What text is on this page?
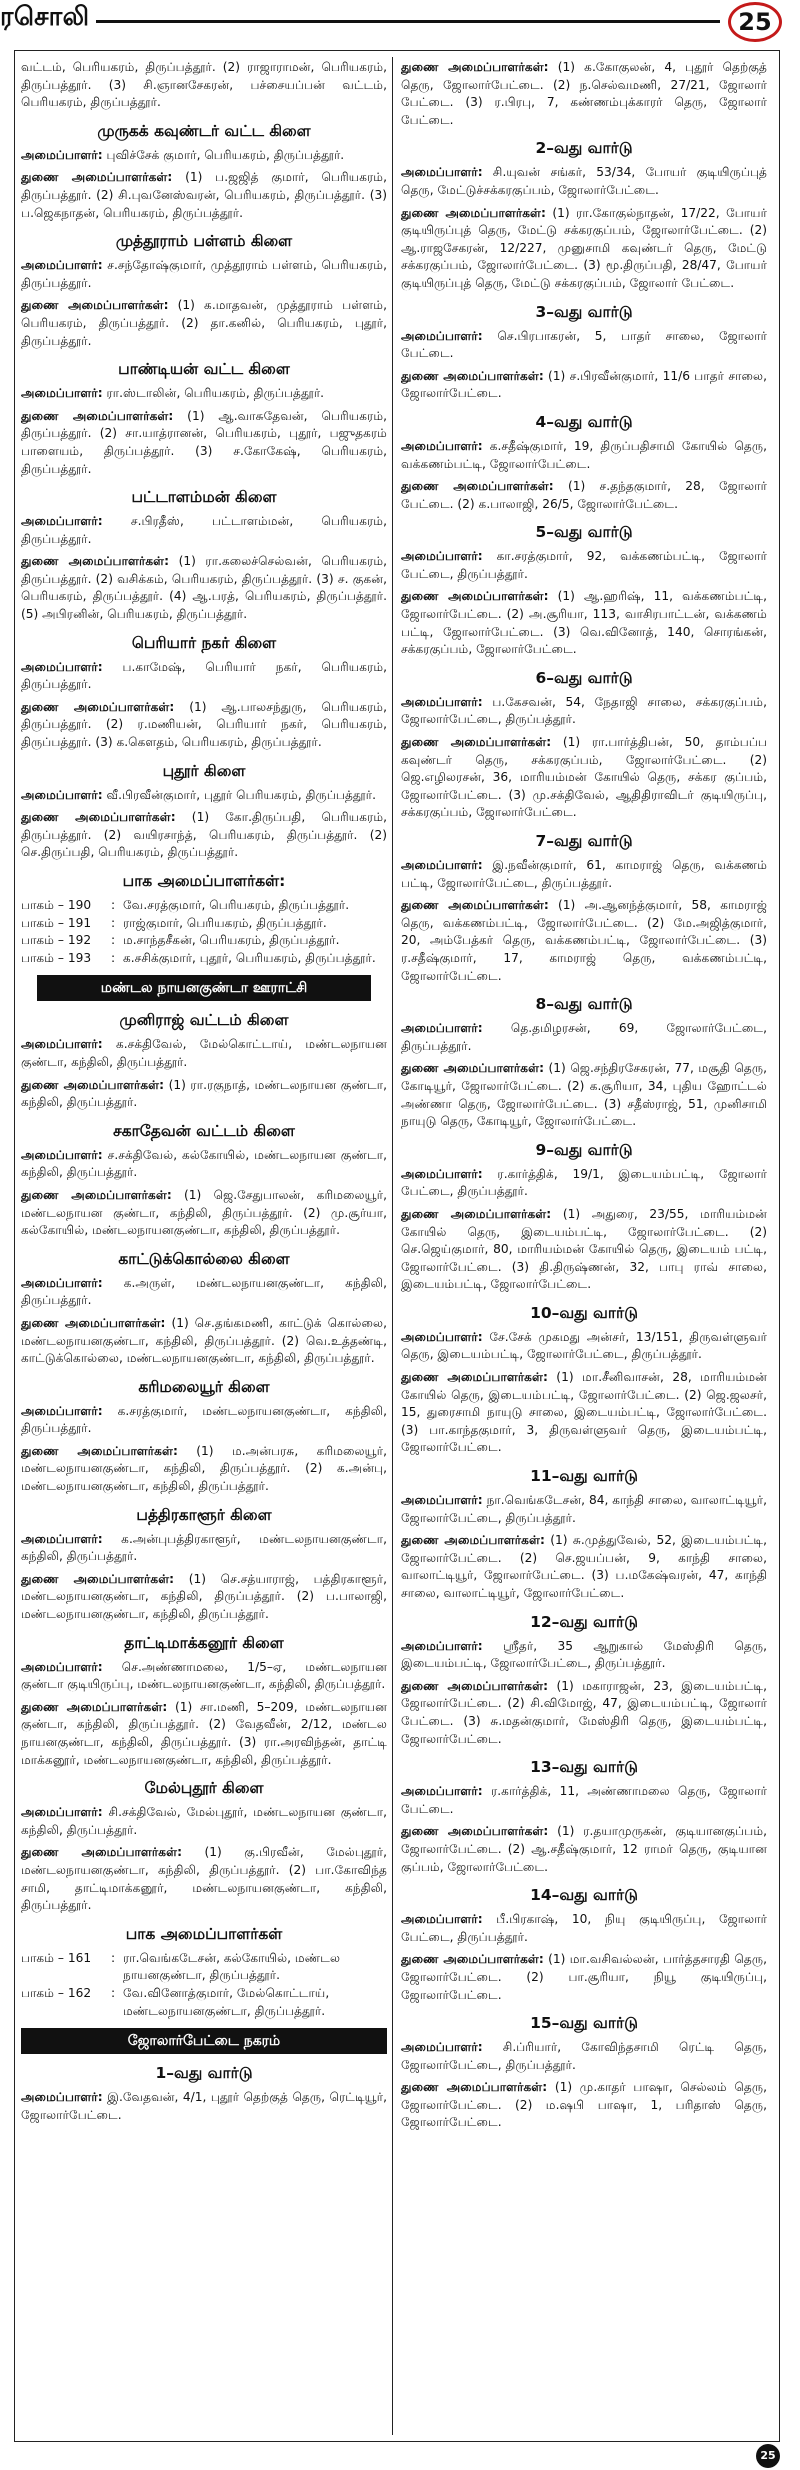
ரசொலி	25
வட்டம், பெரியகரம், திருப்பத்தூர். (2) ராஜாராமன், பெரியகரம், திருப்பத்தூர். (3) சி.ஞானசேகரன், பச்சையப்பன் வட்டம், பெரியகரம், திருப்பத்தூர்.
முருகக் கவுண்டர் வட்ட கிளை
அமைப்பாளர்: புவிச்சேக் குமார், பெரியகரம், திருப்பத்தூர்.
துணை அமைப்பாளர்கள்: (1) ப.ஜஜித் குமார், பெரியகரம், திருப்பத்தூர். (2) சி.புவனேஸ்வரன், பெரியகரம், திருப்பத்தூர். (3) ப.ஜெகநாதன், பெரியகரம், திருப்பத்தூர்.
முத்தூராம் பள்ளம் கிளை
அமைப்பாளர்: ச.சந்தோஷ்குமார், முத்தூராம் பள்ளம், பெரியகரம், திருப்பத்தூர்.
துணை அமைப்பாளர்கள்: (1) க.மாதவன், முத்தூராம் பள்ளம், பெரியகரம், திருப்பத்தூர். (2) தா.கனில், பெரியகரம், புதூர், திருப்பத்தூர்.
பாண்டியன் வட்ட கிளை
அமைப்பாளர்: ரா.ஸ்டாலின், பெரியகரம், திருப்பத்தூர்.
துணை அமைப்பாளர்கள்: (1) ஆ.வாசுதேவன், பெரியகரம், திருப்பத்தூர். (2) சா.யாத்ரானன், பெரியகரம், புதூர், பஜுதகரம் பாளையம், திருப்பத்தூர். (3) ச.கோகேஷ், பெரியகரம், திருப்பத்தூர்.
பட்டாளம்மன் கிளை
அமைப்பாளர்: ச.பிரதீஸ், பட்டாளம்மன், பெரியகரம், திருப்பத்தூர்.
துணை அமைப்பாளர்கள்: (1) ரா.கலைச்செல்வன், பெரியகரம், திருப்பத்தூர். (2) வசிக்கம், பெரியகரம், திருப்பத்தூர். (3) ச. குகன், பெரியகரம், திருப்பத்தூர். (4) ஆ.பரத், பெரியகரம், திருப்பத்தூர். (5) அபிரனின், பெரியகரம், திருப்பத்தூர்.
பெரியார் நகர் கிளை
அமைப்பாளர்: ப.காமேஷ், பெரியார் நகர், பெரியகரம், திருப்பத்தூர்.
துணை அமைப்பாளர்கள்: (1) ஆ.பாலசந்துரு, பெரியகரம், திருப்பத்தூர். (2) ர.மணியன், பெரியார் நகர், பெரியகரம், திருப்பத்தூர். (3) க.கௌதம், பெரியகரம், திருப்பத்தூர்.
புதூர் கிளை
அமைப்பாளர்: வீ.பிரவீன்குமார், புதூர் பெரியகரம், திருப்பத்தூர்.
துணை அமைப்பாளர்கள்: (1) கோ.திருப்பதி, பெரியகரம், திருப்பத்தூர். (2) வயிரசாந்த், பெரியகரம், திருப்பத்தூர். (2) செ.திருப்பதி, பெரியகரம், திருப்பத்தூர்.
பாக அமைப்பாளர்கள்:
பாகம் – 190	: வே.சரத்குமார், பெரியகரம், திருப்பத்தூர்.
பாகம் – 191	: ராஜ்குமார், பெரியகரம், திருப்பத்தூர்.
பாகம் – 192	: ம.சாந்தசீகன், பெரியகரம், திருப்பத்தூர்.
பாகம் – 193	: க.சசிக்குமார், புதூர், பெரியகரம், திருப்பத்தூர்.
மண்டல நாயனகுண்டா ஊராட்சி
முனிராஜ் வட்டம் கிளை
அமைப்பாளர்: க.சக்திவேல், மேல்கொட்டாய், மண்டலநாயன குண்டா, கந்திலி, திருப்பத்தூர்.
துணை அமைப்பாளர்கள்: (1) ரா.ரகுநாத், மண்டலநாயன குண்டா, கந்திலி, திருப்பத்தூர்.
சகாதேவன் வட்டம் கிளை
அமைப்பாளர்: ச.சக்திவேல், கல்கோயில், மண்டலநாயன குண்டா, கந்திலி, திருப்பத்தூர்.
துணை அமைப்பாளர்கள்: (1) ஜெ.சேதுபாலன், கரிமலையூர், மண்டலநாயன குண்டா, கந்திலி, திருப்பத்தூர். (2) மு.சூர்யா, கல்கோயில், மண்டலநாயனகுண்டா, கந்திலி, திருப்பத்தூர்.
காட்டுக்கொல்லை கிளை
அமைப்பாளர்: க.அருள், மண்டலநாயனகுண்டா, கந்திலி, திருப்பத்தூர்.
துணை அமைப்பாளர்கள்: (1) செ.தங்கமணி, காட்டுக் கொல்லை, மண்டலநாயனகுண்டா, கந்திலி, திருப்பத்தூர். (2) வெ.உத்தண்டி, காட்டுக்கொல்லை, மண்டலநாயனகுண்டா, கந்திலி, திருப்பத்தூர்.
கரிமலையூர் கிளை
அமைப்பாளர்: க.சரத்குமார், மண்டலநாயனகுண்டா, கந்திலி, திருப்பத்தூர்.
துணை அமைப்பாளர்கள்: (1) ம.அன்பரசு, கரிமலையூர், மண்டலநாயனகுண்டா, கந்திலி, திருப்பத்தூர். (2) க.அன்பு, மண்டலநாயனகுண்டா, கந்திலி, திருப்பத்தூர்.
பத்திரகாளூர் கிளை
அமைப்பாளர்: க.அன்புபத்திரகாளூர், மண்டலநாயனகுண்டா, கந்திலி, திருப்பத்தூர்.
துணை அமைப்பாளர்கள்: (1) செ.சத்யாராஜ், பத்திரகாளூர், மண்டலநாயனகுண்டா, கந்திலி, திருப்பத்தூர். (2) ப.பாலாஜி, மண்டலநாயனகுண்டா, கந்திலி, திருப்பத்தூர்.
தாட்டிமாக்கனூர் கிளை
அமைப்பாளர்: செ.அண்ணாமலை, 1/5–ஏ, மண்டலநாயன குண்டா குடியிருப்பு, மண்டலநாயனகுண்டா, கந்திலி, திருப்பத்தூர்.
துணை அமைப்பாளர்கள்: (1) சா.மணி, 5–209, மண்டலநாயன குண்டா, கந்திலி, திருப்பத்தூர். (2) வேதவீன், 2/12, மண்டல நாயனகுண்டா, கந்திலி, திருப்பத்தூர். (3) ரா.அரவிந்தன், தாட்டி மாக்கனூர், மண்டலநாயனகுண்டா, கந்திலி, திருப்பத்தூர்.
மேல்புதூர் கிளை
அமைப்பாளர்: சி.சக்திவேல், மேல்புதூர், மண்டலநாயன குண்டா, கந்திலி, திருப்பத்தூர்.
துணை அமைப்பாளர்கள்: (1) கு.பிரவீன், மேல்புதூர், மண்டலநாயனகுண்டா, கந்திலி, திருப்பத்தூர். (2) பா.கோவிந்த சாமி, தாட்டிமாக்கனூர், மண்டலநாயனகுண்டா, கந்திலி, திருப்பத்தூர்.
பாக அமைப்பாளர்கள்
பாகம் – 161	: ரா.வெங்கடேசன், கல்கோயில், மண்டல நாயனகுண்டா, திருப்பத்தூர்.
பாகம் – 162	: வே.வினோத்குமார், மேல்கொட்டாய், மண்டலநாயனகுண்டா, திருப்பத்தூர்.
ஜோலார்பேட்டை நகரம்
1–வது வார்டு
அமைப்பாளர்: இ.வேதவன், 4/1, புதூர் தெற்குத் தெரு, ரெட்டியூர், ஜோலார்பேட்டை.
துணை அமைப்பாளர்கள்: (1) க.கோகுலன், 4, புதூர் தெற்குத் தெரு, ஜோலார்பேட்டை. (2) ந.செல்வமணி, 27/21, ஜோலார் பேட்டை. (3) ர.பிரபு, 7, கண்ணம்புக்காரர் தெரு, ஜோலார் பேட்டை.
2–வது வார்டு
அமைப்பாளர்: சி.யுவன் சங்கர், 53/34, போயர் குடியிருப்புத் தெரு, மேட்டுச்சக்கரகுப்பம், ஜோலார்பேட்டை.
துணை அமைப்பாளர்கள்: (1) ரா.கோகுல்நாதன், 17/22, போயர் குடியிருப்புத் தெரு, மேட்டு சக்கரகுப்பம், ஜோலார்பேட்டை. (2) ஆ.ராஜசேகரன், 12/227, முனுசாமி கவுண்டர் தெரு, மேட்டு சக்கரகுப்பம், ஜோலார்பேட்டை. (3) மூ.திருப்பதி, 28/47, போயர் குடியிருப்புத் தெரு, மேட்டு சக்கரகுப்பம், ஜோலார் பேட்டை.
3–வது வார்டு
அமைப்பாளர்: செ.பிரபாகரன், 5, பாதர் சாலை, ஜோலார் பேட்டை.
துணை அமைப்பாளர்கள்: (1) ச.பிரவீன்குமார், 11/6 பாதர் சாலை, ஜோலார்பேட்டை.
4–வது வார்டு
அமைப்பாளர்: க.சதீஷ்குமார், 19, திருப்பதிசாமி கோயில் தெரு, வக்கணம்பட்டி, ஜோலார்பேட்டை.
துணை அமைப்பாளர்கள்: (1) ச.தந்தகுமார், 28, ஜோலார் பேட்டை. (2) க.பாலாஜி, 26/5, ஜோலார்பேட்டை.
5–வது வார்டு
அமைப்பாளர்: கா.சரத்குமார், 92, வக்கணம்பட்டி, ஜோலார் பேட்டை, திருப்பத்தூர்.
துணை அமைப்பாளர்கள்: (1) ஆ.ஹரிஷ், 11, வக்கணம்பட்டி, ஜோலார்பேட்டை. (2) அ.சூரியா, 113, வாசிரபாட்டன், வக்கணம் பட்டி, ஜோலார்பேட்டை. (3) வெ.வினோத், 140, சொரங்கன், சக்கரகுப்பம், ஜோலார்பேட்டை.
6–வது வார்டு
அமைப்பாளர்: ப.கேசவன், 54, நேதாஜி சாலை, சக்கரகுப்பம், ஜோலார்பேட்டை, திருப்பத்தூர்.
துணை அமைப்பாளர்கள்: (1) ரா.பார்த்திபன், 50, தாம்பப்ப கவுண்டர் தெரு, சக்கரகுப்பம், ஜோலார்பேட்டை. (2) ஜெ.எழிலரசன், 36, மாரியம்மன் கோயில் தெரு, சக்கர குப்பம், ஜோலார்பேட்டை. (3) மு.சக்திவேல், ஆதிதிராவிடர் குடியிருப்பு, சக்கரகுப்பம், ஜோலார்பேட்டை.
7–வது வார்டு
அமைப்பாளர்: இ.நவீன்குமார், 61, காமராஜ் தெரு, வக்கணம் பட்டி, ஜோலார்பேட்டை, திருப்பத்தூர்.
துணை அமைப்பாளர்கள்: (1) அ.ஆனந்த்குமார், 58, காமராஜ் தெரு, வக்கணம்பட்டி, ஜோலார்பேட்டை. (2) மே.அஜித்குமார், 20, அம்பேத்கர் தெரு, வக்கணம்பட்டி, ஜோலார்பேட்டை. (3) ர.சதீஷ்குமார், 17, காமராஜ் தெரு, வக்கணம்பட்டி, ஜோலார்பேட்டை.
8–வது வார்டு
அமைப்பாளர்: தெ.தமிழரசன், 69, ஜோலார்பேட்டை, திருப்பத்தூர்.
துணை அமைப்பாளர்கள்: (1) ஜெ.சந்திரசேகரன், 77, மசூதி தெரு, கோடியூர், ஜோலார்பேட்டை. (2) க.சூரியா, 34, புதிய ஹோட்டல் அண்ணா தெரு, ஜோலார்பேட்டை. (3) சதீஸ்ராஜ், 51, முனிசாமி நாயுடு தெரு, கோடியூர், ஜோலார்பேட்டை.
9–வது வார்டு
அமைப்பாளர்: ர.கார்த்திக், 19/1, இடையம்பட்டி, ஜோலார் பேட்டை, திருப்பத்தூர்.
துணை அமைப்பாளர்கள்: (1) அதுரை, 23/55, மாரியம்மன் கோயில் தெரு, இடையம்பட்டி, ஜோலார்பேட்டை. (2) செ.ஜெய்குமார், 80, மாரியம்மன் கோயில் தெரு, இடையம் பட்டி, ஜோலார்பேட்டை. (3) தி.திருஷ்ணன், 32, பாபு ராவ் சாலை, இடையம்பட்டி, ஜோலார்பேட்டை.
10–வது வார்டு
அமைப்பாளர்: சே.சேக் முகமது அன்சர், 13/151, திருவள்ளுவர் தெரு, இடையம்பட்டி, ஜோலார்பேட்டை, திருப்பத்தூர்.
துணை அமைப்பாளர்கள்: (1) மா.சீனிவாசன், 28, மாரியம்மன் கோயில் தெரு, இடையம்பட்டி, ஜோலார்பேட்டை. (2) ஜெ.ஜலசர், 15, துரைசாமி நாயுடு சாலை, இடையம்பட்டி, ஜோலார்பேட்டை. (3) பா.காந்தகுமார், 3, திருவள்ளுவர் தெரு, இடையம்பட்டி, ஜோலார்பேட்டை.
11–வது வார்டு
அமைப்பாளர்: நா.வெங்கடேசன், 84, காந்தி சாலை, வாலாட்டியூர், ஜோலார்பேட்டை, திருப்பத்தூர்.
துணை அமைப்பாளர்கள்: (1) சு.முத்துவேல், 52, இடையம்பட்டி, ஜோலார்பேட்டை. (2) செ.ஜயப்பன், 9, காந்தி சாலை, வாலாட்டியூர், ஜோலார்பேட்டை. (3) ப.மகேஷ்வரன், 47, காந்தி சாலை, வாலாட்டியூர், ஜோலார்பேட்டை.
12–வது வார்டு
அமைப்பாளர்: ஸ்ரீதர், 35 ஆறுகால் மேஸ்திரி தெரு, இடையம்பட்டி, ஜோலார்பேட்டை, திருப்பத்தூர்.
துணை அமைப்பாளர்கள்: (1) மகாராஜன், 23, இடையம்பட்டி, ஜோலார்பேட்டை. (2) சி.விமோஜ், 47, இடையம்பட்டி, ஜோலார் பேட்டை. (3) சு.மதன்குமார், மேஸ்திரி தெரு, இடையம்பட்டி, ஜோலார்பேட்டை.
13–வது வார்டு
அமைப்பாளர்: ர.கார்த்திக், 11, அண்ணாமலை தெரு, ஜோலார் பேட்டை.
துணை அமைப்பாளர்கள்: (1) ர.தயாமுருகன், குடியானகுப்பம், ஜோலார்பேட்டை. (2) ஆ.சதீஷ்குமார், 12 ராமர் தெரு, குடியான குப்பம், ஜோலார்பேட்டை.
14–வது வார்டு
அமைப்பாளர்: பீ.பிரகாஷ், 10, நியு குடியிருப்பு, ஜோலார் பேட்டை, திருப்பத்தூர்.
துணை அமைப்பாளர்கள்: (1) மா.வசிவல்லன், பார்த்தசாரதி தெரு, ஜோலார்பேட்டை. (2) பா.சூரியா, நியூ குடியிருப்பு, ஜோலார்பேட்டை.
15–வது வார்டு
அமைப்பாளர்: சி.ப்ரியார், கோவிந்தசாமி ரெட்டி தெரு, ஜோலார்பேட்டை, திருப்பத்தூர்.
துணை அமைப்பாளர்கள்: (1) மு.காதர் பாஷா, செல்லம் தெரு, ஜோலார்பேட்டை. (2) ம.ஷபி பாஷா, 1, பரிதாஸ் தெரு, ஜோலார்பேட்டை.
25
